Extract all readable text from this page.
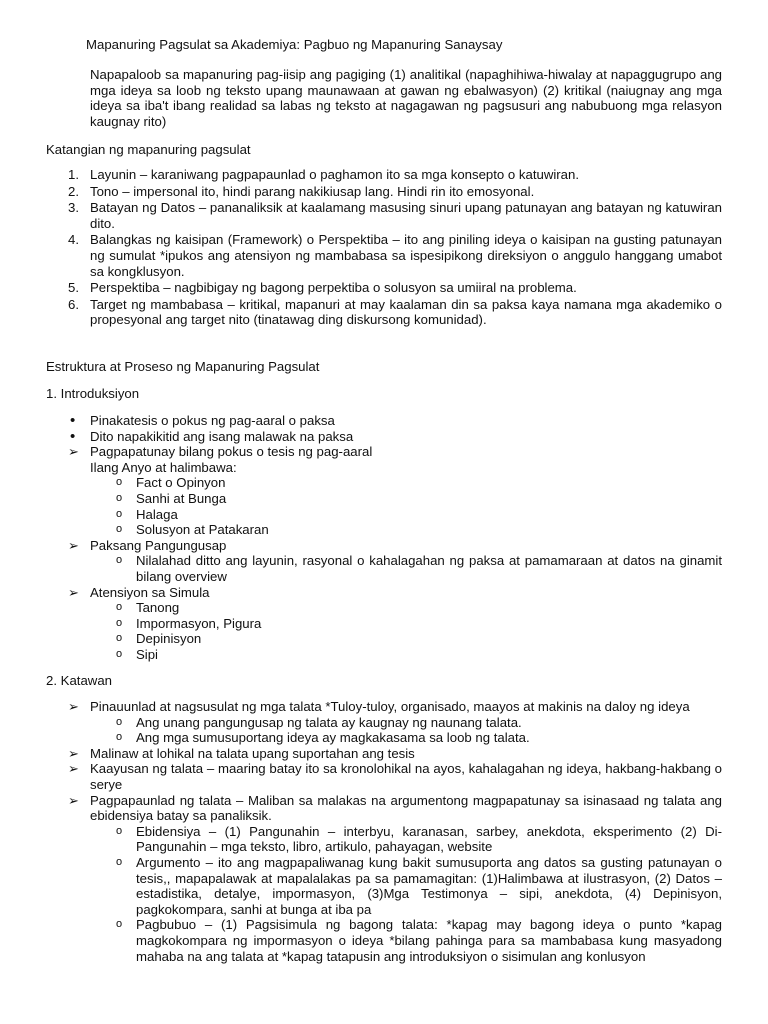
Mapanuring Pagsulat sa Akademiya: Pagbuo ng Mapanuring Sanaysay
Napapaloob sa mapanuring pag-iisip ang pagiging (1) analitikal (napaghihiwa-hiwalay at napaggugrupo ang mga ideya sa loob ng teksto upang maunawaan at gawan ng ebalwasyon) (2) kritikal (naiugnay ang mga ideya sa iba't ibang realidad sa labas ng teksto at nagagawan ng pagsusuri ang nabubuong mga relasyon kaugnay rito)
Katangian ng mapanuring pagsulat
1. Layunin – karaniwang pagpapaunlad o paghamon ito sa mga konsepto o katuwiran.
2. Tono – impersonal ito, hindi parang nakikiusap lang. Hindi rin ito emosyonal.
3. Batayan ng Datos – pananaliksik at kaalamang masusing sinuri upang patunayan ang batayan ng katuwiran dito.
4. Balangkas ng kaisipan (Framework) o Perspektiba – ito ang piniling ideya o kaisipan na gusting patunayan ng sumulat *ipukos ang atensiyon ng mambabasa sa ispesipikong direksiyon o anggulo hanggang umabot sa kongklusyon.
5. Perspektiba – nagbibigay ng bagong perpektiba o solusyon sa umiiral na problema.
6. Target ng mambabasa – kritikal, mapanuri at may kaalaman din sa paksa kaya namana mga akademiko o propesyonal ang target nito (tinatawag ding diskursong komunidad).
Estruktura at Proseso ng Mapanuring Pagsulat
1. Introduksiyon
• Pinakatesis o pokus ng pag-aaral o paksa
• Dito napakikitid ang isang malawak na paksa
➢ Pagpapatunay bilang pokus o tesis ng pag-aaral
Ilang Anyo at halimbawa:
o Fact o Opinyon
o Sanhi at Bunga
o Halaga
o Solusyon at Patakaran
➢ Paksang Pangungusap
o Nilalahad ditto ang layunin, rasyonal o kahalagahan ng paksa at pamamaraan at datos na ginamit bilang overview
➢ Atensiyon sa Simula
o Tanong
o Impormasyon, Pigura
o Depinisyon
o Sipi
2. Katawan
➢ Pinauunlad at nagsusulat ng mga talata *Tuloy-tuloy, organisado, maayos at makinis na daloy ng ideya
o Ang unang pangungusap ng talata ay kaugnay ng naunang talata.
o Ang mga sumusuportang ideya ay magkakasama sa loob ng talata.
➢ Malinaw at lohikal na talata upang suportahan ang tesis
➢ Kaayusan ng talata – maaring batay ito sa kronolohikal na ayos, kahalagahan ng ideya, hakbang-hakbang o serye
➢ Pagpapaunlad ng talata – Maliban sa malakas na argumentong magpapatunay sa isinasaad ng talata ang ebidensiya batay sa panaliksik.
o Ebidensiya – (1) Pangunahin – interbyu, karanasan, sarbey, anekdota, eksperimento (2) Di-Pangunahin – mga teksto, libro, artikulo, pahayagan, website
o Argumento – ito ang magpapaliwanag kung bakit sumusuporta ang datos sa gusting patunayan o tesis,, mapapalawak at mapalalakas pa sa pamamagitan: (1)Halimbawa at ilustrasyon, (2) Datos – estadistika, detalye, impormasyon, (3)Mga Testimonya – sipi, anekdota, (4) Depinisyon, pagkokompara, sanhi at bunga at iba pa
o Pagbubuo – (1) Pagsisimula ng bagong talata: *kapag may bagong ideya o punto *kapag magkokompara ng impormasyon o ideya *bilang pahinga para sa mambabasa kung masyadong mahaba na ang talata at *kapag tatapusin ang introduksiyon o sisimulan ang konlusyon
